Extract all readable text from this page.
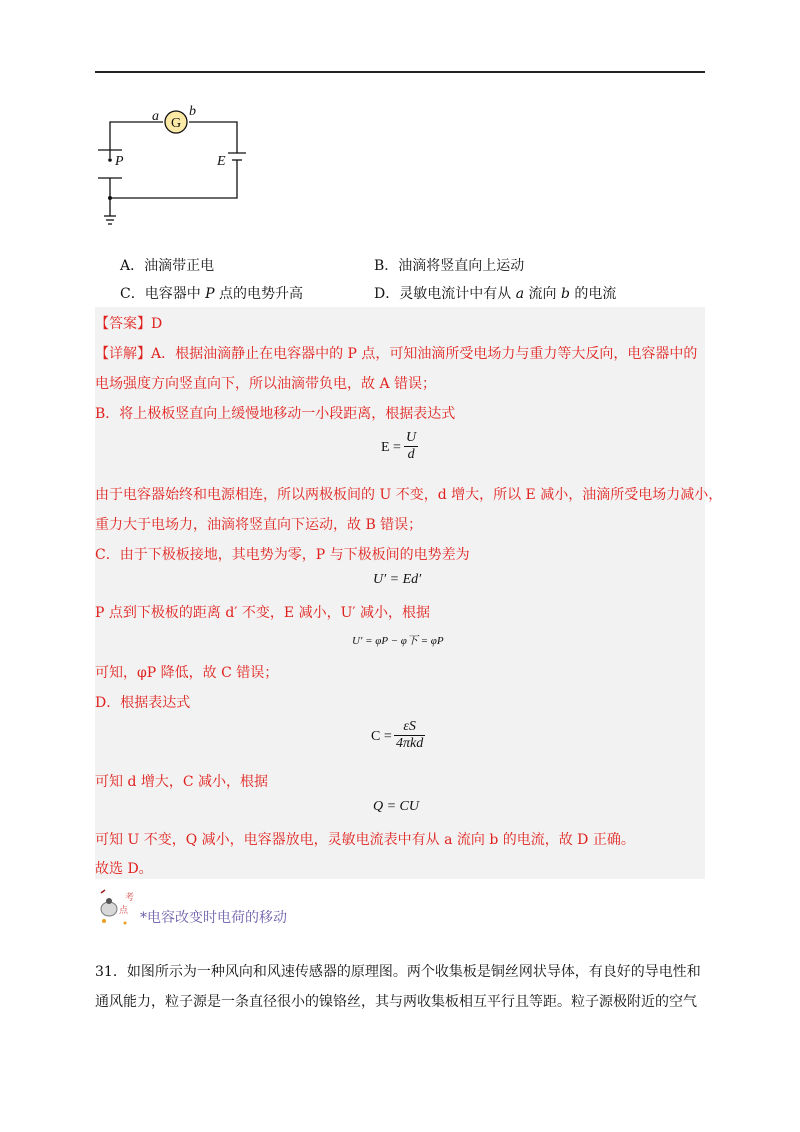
G
a b
P	E
A．油滴带正电	B．油滴将竖直向上运动
C．电容器中 P 点的电势升高	D．灵敏电流计中有从 a 流向 b 的电流
【答案】D
【详解】A．根据油滴静止在电容器中的 P 点，可知油滴所受电场力与重力等大反向，电容器中的
电场强度方向竖直向下，所以油滴带负电，故 A 错误；
B．将上极板竖直向上缓慢地移动一小段距离，根据表达式
$E = \frac{U}{d}$
由于电容器始终和电源相连，所以两极板间的 U 不变，d 增大，所以 E 减小，油滴所受电场力减小，
重力大于电场力，油滴将竖直向下运动，故 B 错误；
C．由于下极板接地，其电势为零，P 与下极板间的电势差为
U′ = Ed′
P 点到下极板的距离 d′ 不变，E 减小，U′ 减小，根据
U′ = φP − φ下 = φP
可知，φP 降低，故 C 错误；
D．根据表达式
C =
εS
4πkd
可知 d 增大，C 减小，根据
Q = CU
可知 U 不变，Q 减小，电容器放电，灵敏电流表中有从 a 流向 b 的电流，故 D 正确。
故选 D。
考
点 *电容改变时电荷的移动
31．如图所示为一种风向和风速传感器的原理图。两个收集板是铜丝网状导体，有良好的导电性和
通风能力，粒子源是一条直径很小的镍铬丝，其与两收集板相互平行且等距。粒子源极附近的空气
